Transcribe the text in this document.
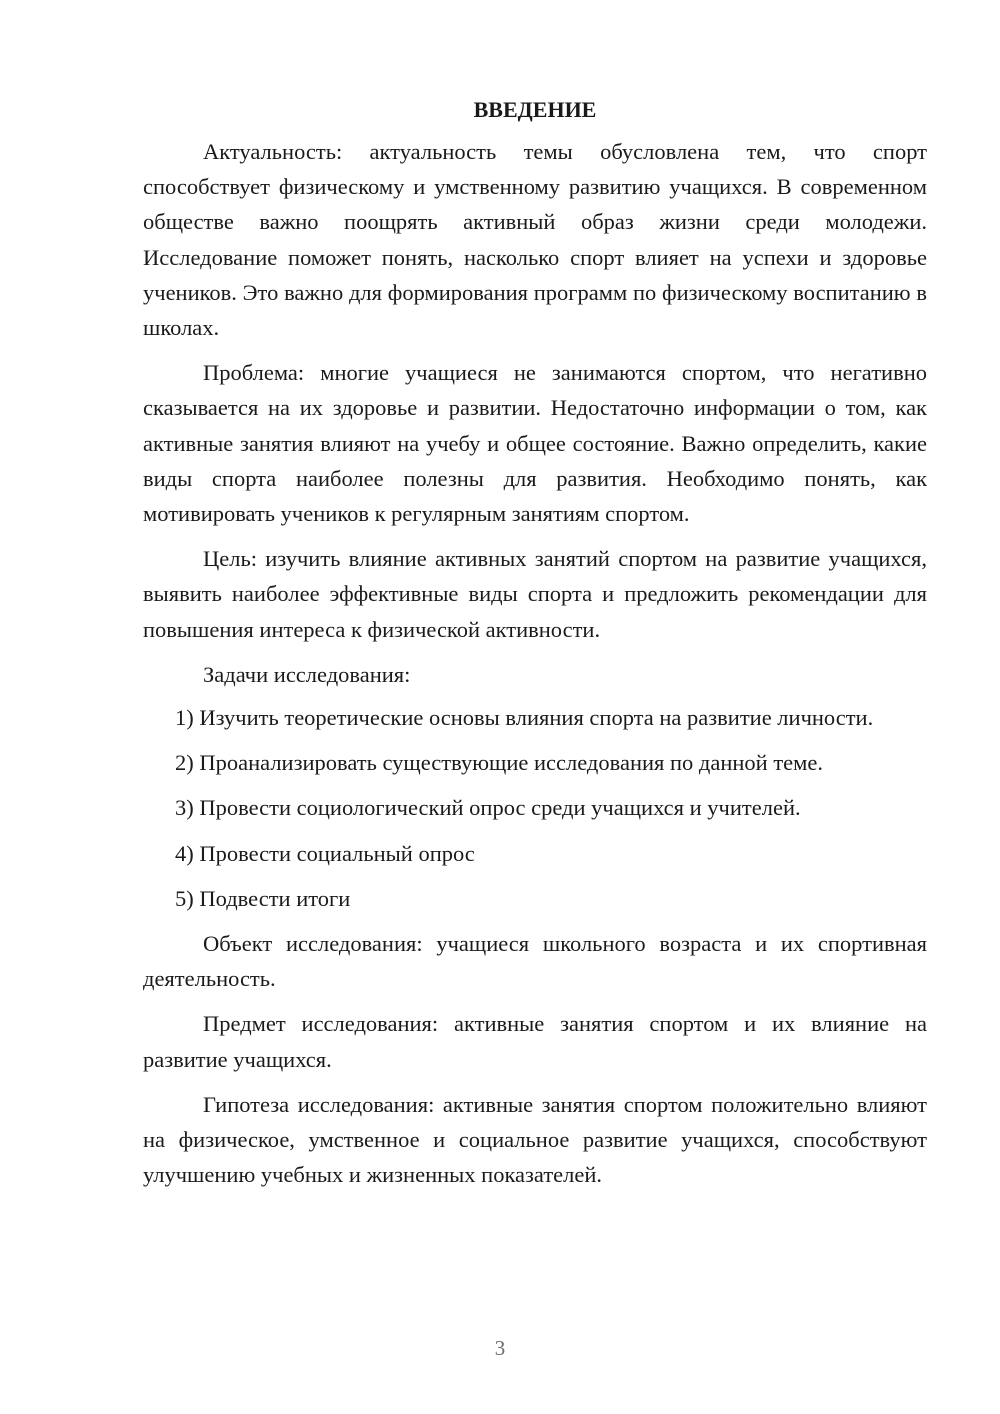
ВВЕДЕНИЕ

Актуальность: актуальность темы обусловлена тем, что спорт способствует физическому и умственному развитию учащихся. В современном обществе важно поощрять активный образ жизни среди молодежи. Исследование поможет понять, насколько спорт влияет на успехи и здоровье учеников. Это важно для формирования программ по физическому воспитанию в школах.

Проблема: многие учащиеся не занимаются спортом, что негативно сказывается на их здоровье и развитии. Недостаточно информации о том, как активные занятия влияют на учебу и общее состояние. Важно определить, какие виды спорта наиболее полезны для развития. Необходимо понять, как мотивировать учеников к регулярным занятиям спортом.

Цель: изучить влияние активных занятий спортом на развитие учащихся, выявить наиболее эффективные виды спорта и предложить рекомендации для повышения интереса к физической активности.

Задачи исследования:

1) Изучить теоретические основы влияния спорта на развитие личности.

2) Проанализировать существующие исследования по данной теме.

3) Провести социологический опрос среди учащихся и учителей.

4) Провести социальный опрос

5) Подвести итоги

Объект исследования: учащиеся школьного возраста и их спортивная деятельность.

Предмет исследования: активные занятия спортом и их влияние на развитие учащихся.

Гипотеза исследования: активные занятия спортом положительно влияют на физическое, умственное и социальное развитие учащихся, способствуют улучшению учебных и жизненных показателей.

3
